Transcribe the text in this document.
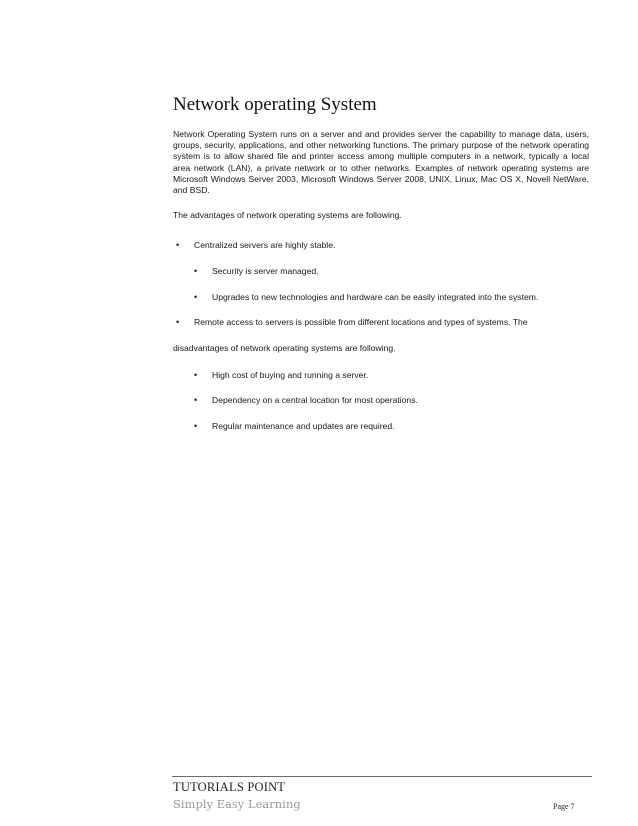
Network operating System
Network Operating System runs on a server and and provides server the capability to manage data, users, groups, security, applications, and other networking functions. The primary purpose of the network operating system is to allow shared file and printer access among multiple computers in a network, typically a local area network (LAN), a private network or to other networks. Examples of network operating systems are Microsoft Windows Server 2003, Microsoft Windows Server 2008, UNIX, Linux, Mac OS X, Novell NetWare, and BSD.
The advantages of network operating systems are following.
• Centralized servers are highly stable.
• Security is server managed.
• Upgrades to new technologies and hardware can be easily integrated into the system.
• Remote access to servers is possible from different locations and types of systems. The
disadvantages of network operating systems are following.
• High cost of buying and running a server.
• Dependency on a central location for most operations.
• Regular maintenance and updates are required.
TUTORIALS POINT
Simply Easy Learning	Page 7
